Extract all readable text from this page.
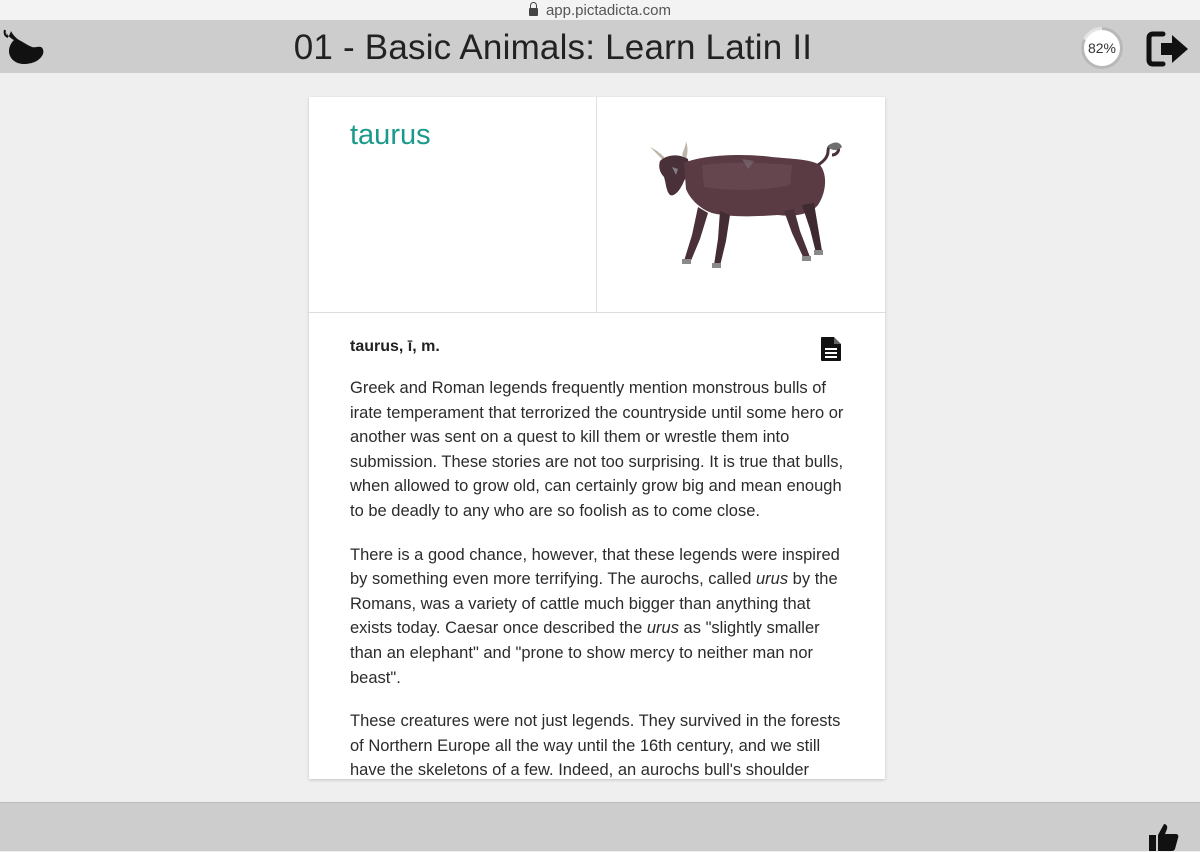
app.pictadicta.com
01 - Basic Animals: Learn Latin II	82%
taurus
taurus, ī, m.

Greek and Roman legends frequently mention monstrous bulls of irate temperament that terrorized the countryside until some hero or another was sent on a quest to kill them or wrestle them into submission. These stories are not too surprising. It is true that bulls, when allowed to grow old, can certainly grow big and mean enough to be deadly to any who are so foolish as to come close.

There is a good chance, however, that these legends were inspired by something even more terrifying. The aurochs, called urus by the Romans, was a variety of cattle much bigger than anything that exists today. Caesar once described the urus as "slightly smaller than an elephant" and "prone to show mercy to neither man nor beast".

These creatures were not just legends. They survived in the forests of Northern Europe all the way until the 16th century, and we still have the skeletons of a few. Indeed, an aurochs bull's shoulder
